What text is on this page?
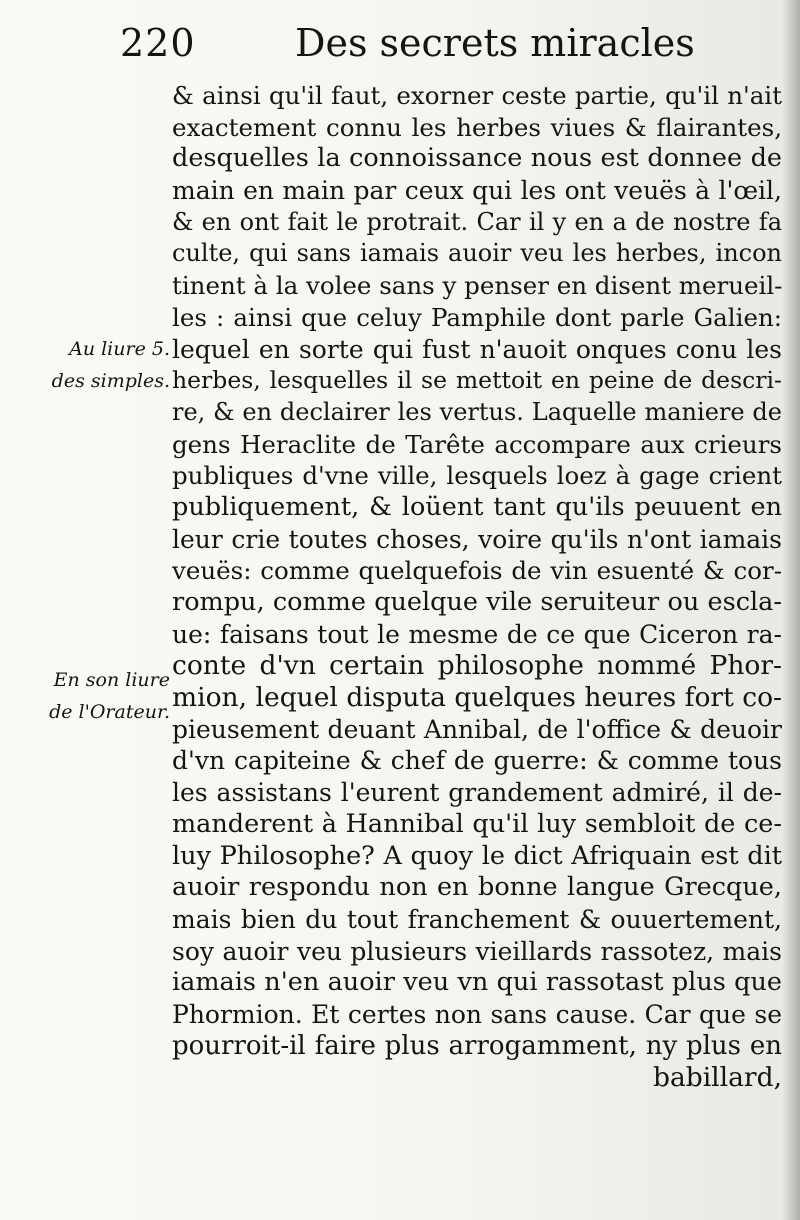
220	Des secrets miracles
Au liure 5.
des simples.
En son liure
de l'Orateur.
& ainsi qu'il faut, exorner ceste partie, qu'il n'ait
exactement connu les herbes viues & flairantes,
desquelles la connoissance nous est donnee de
main en main par ceux qui les ont veuës à l'œil,
& en ont fait le protrait. Car il y en a de nostre fa
culte, qui sans iamais auoir veu les herbes, incon
tinent à la volee sans y penser en disent merueil-
les : ainsi que celuy Pamphile dont parle Galien:
lequel en sorte qui fust n'auoit onques conu les
herbes, lesquelles il se mettoit en peine de descri-
re, & en declairer les vertus. Laquelle maniere de
gens Heraclite de Tarête accompare aux crieurs
publiques d'vne ville, lesquels loez à gage crient
publiquement, & loüent tant qu'ils peuuent en
leur crie toutes choses, voire qu'ils n'ont iamais
veuës: comme quelquefois de vin esuenté & cor-
rompu, comme quelque vile seruiteur ou escla-
ue: faisans tout le mesme de ce que Ciceron ra-
conte d'vn certain philosophe nommé Phor-
mion, lequel disputa quelques heures fort co-
pieusement deuant Annibal, de l'office & deuoir
d'vn capiteine & chef de guerre: & comme tous
les assistans l'eurent grandement admiré, il de-
manderent à Hannibal qu'il luy sembloit de ce-
luy Philosophe? A quoy le dict Afriquain est dit
auoir respondu non en bonne langue Grecque,
mais bien du tout franchement & ouuertement,
soy auoir veu plusieurs vieillards rassotez, mais
iamais n'en auoir veu vn qui rassotast plus que
Phormion. Et certes non sans cause. Car que se
pourroit-il faire plus arrogamment, ny plus en
babillard,
